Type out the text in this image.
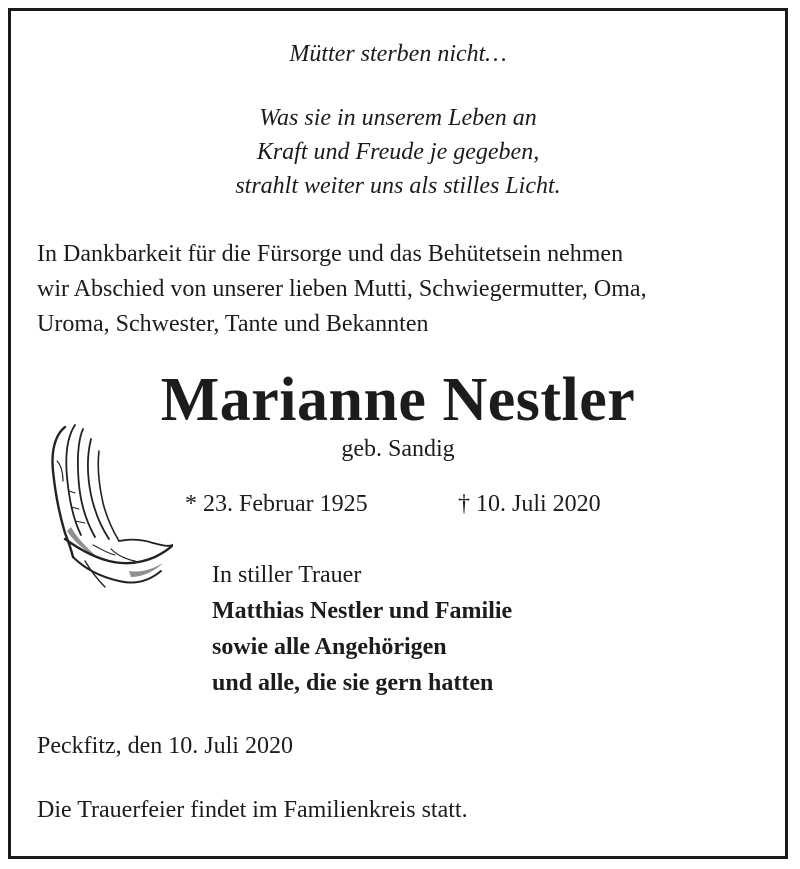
Mütter sterben nicht…
Was sie in unserem Leben an
Kraft und Freude je gegeben,
strahlt weiter uns als stilles Licht.
In Dankbarkeit für die Fürsorge und das Behütetsein nehmen
wir Abschied von unserer lieben Mutti, Schwiegermutter, Oma,
Uroma, Schwester, Tante und Bekannten
Marianne Nestler
geb. Sandig
* 23. Februar 1925	† 10. Juli 2020
In stiller Trauer
Matthias Nestler und Familie
sowie alle Angehörigen
und alle, die sie gern hatten
Peckfitz, den 10. Juli 2020
Die Trauerfeier findet im Familienkreis statt.
